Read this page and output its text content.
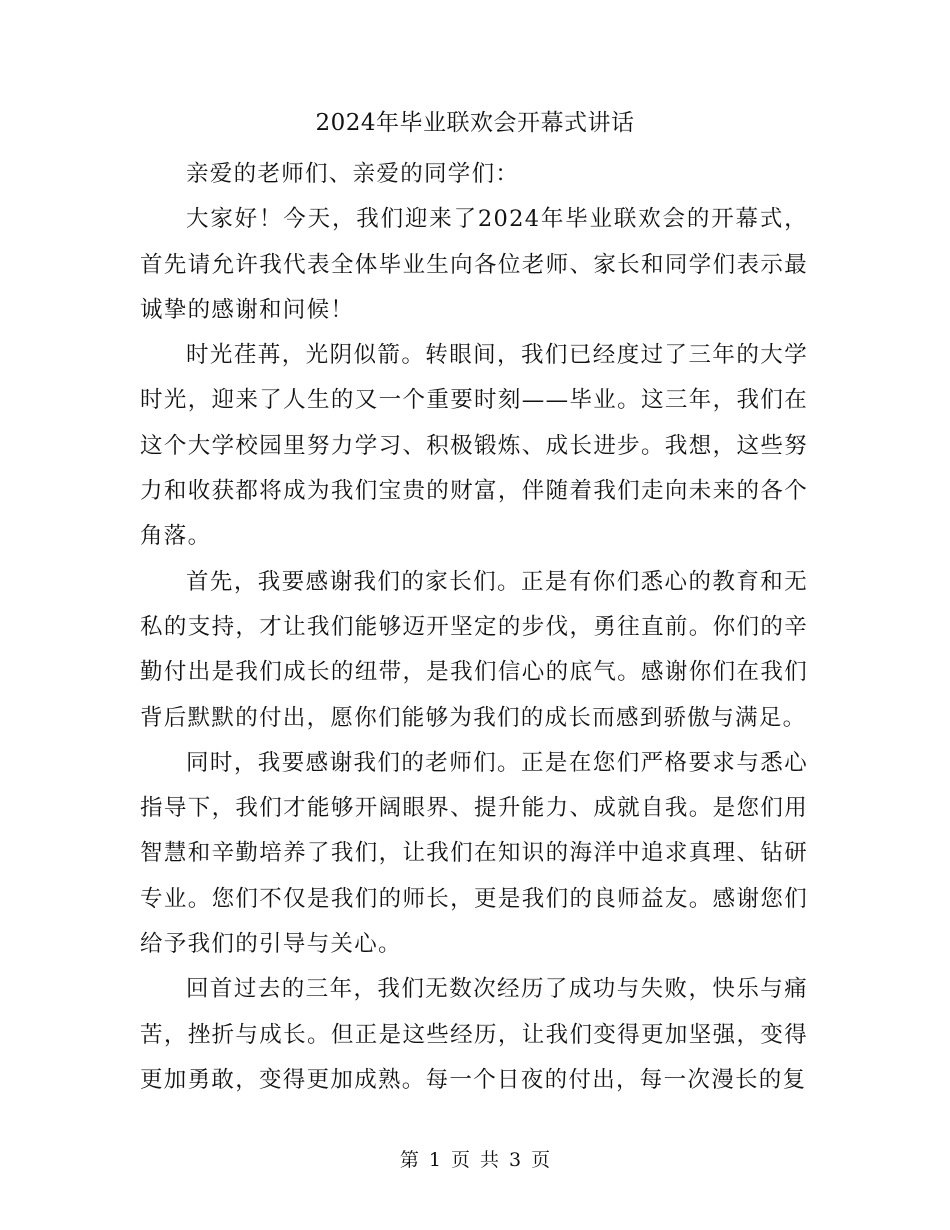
2024年毕业联欢会开幕式讲话

亲爱的老师们、亲爱的同学们：

大家好！今天，我们迎来了2024年毕业联欢会的开幕式，首先请允许我代表全体毕业生向各位老师、家长和同学们表示最诚挚的感谢和问候！

时光荏苒，光阴似箭。转眼间，我们已经度过了三年的大学时光，迎来了人生的又一个重要时刻——毕业。这三年，我们在这个大学校园里努力学习、积极锻炼、成长进步。我想，这些努力和收获都将成为我们宝贵的财富，伴随着我们走向未来的各个角落。

首先，我要感谢我们的家长们。正是有你们悉心的教育和无私的支持，才让我们能够迈开坚定的步伐，勇往直前。你们的辛勤付出是我们成长的纽带，是我们信心的底气。感谢你们在我们背后默默的付出，愿你们能够为我们的成长而感到骄傲与满足。

同时，我要感谢我们的老师们。正是在您们严格要求与悉心指导下，我们才能够开阔眼界、提升能力、成就自我。是您们用智慧和辛勤培养了我们，让我们在知识的海洋中追求真理、钻研专业。您们不仅是我们的师长，更是我们的良师益友。感谢您们给予我们的引导与关心。

回首过去的三年，我们无数次经历了成功与失败，快乐与痛苦，挫折与成长。但正是这些经历，让我们变得更加坚强，变得更加勇敢，变得更加成熟。每一个日夜的付出，每一次漫长的复

第 1 页 共 3 页
